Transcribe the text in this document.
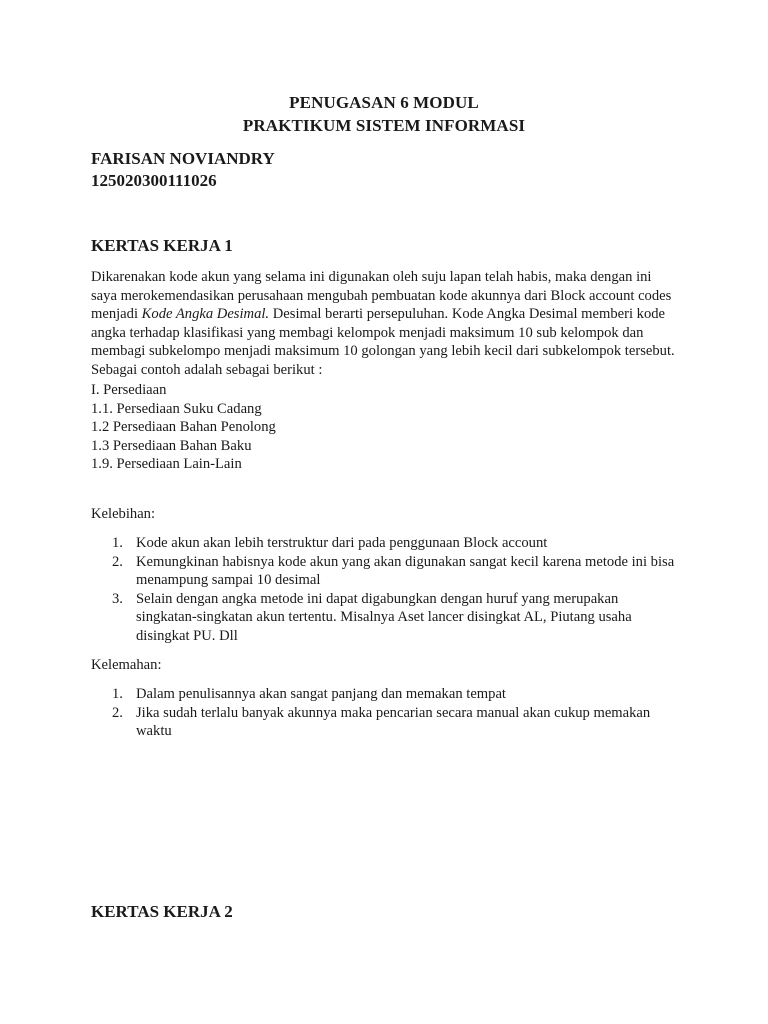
PENUGASAN 6 MODUL
PRAKTIKUM SISTEM INFORMASI
FARISAN NOVIANDRY
125020300111026
KERTAS KERJA 1

Dikarenakan kode akun yang selama ini digunakan oleh suju lapan telah habis, maka dengan ini saya merokemendasikan perusahaan mengubah pembuatan kode akunnya dari Block account codes menjadi Kode Angka Desimal. Desimal berarti persepuluhan. Kode Angka Desimal memberi kode angka terhadap klasifikasi yang membagi kelompok menjadi maksimum 10 sub kelompok dan membagi subkelompo menjadi maksimum 10 golongan yang lebih kecil dari subkelompok tersebut. Sebagai contoh adalah sebagai berikut :

I. Persediaan

1.1. Persediaan Suku Cadang

1.2 Persediaan Bahan Penolong

1.3 Persediaan Bahan Baku

1.9. Persediaan Lain-Lain

Kelebihan:
1. Kode akun akan lebih terstruktur dari pada penggunaan Block account
2. Kemungkinan habisnya kode akun yang akan digunakan sangat kecil karena metode ini bisa menampung sampai 10 desimal
3. Selain dengan angka metode ini dapat digabungkan dengan huruf yang merupakan singkatan-singkatan akun tertentu. Misalnya Aset lancer disingkat AL, Piutang usaha disingkat PU. Dll
Kelemahan:
1. Dalam penulisannya akan sangat panjang dan memakan tempat
2. Jika sudah terlalu banyak akunnya maka pencarian secara manual akan cukup memakan waktu
KERTAS KERJA 2
